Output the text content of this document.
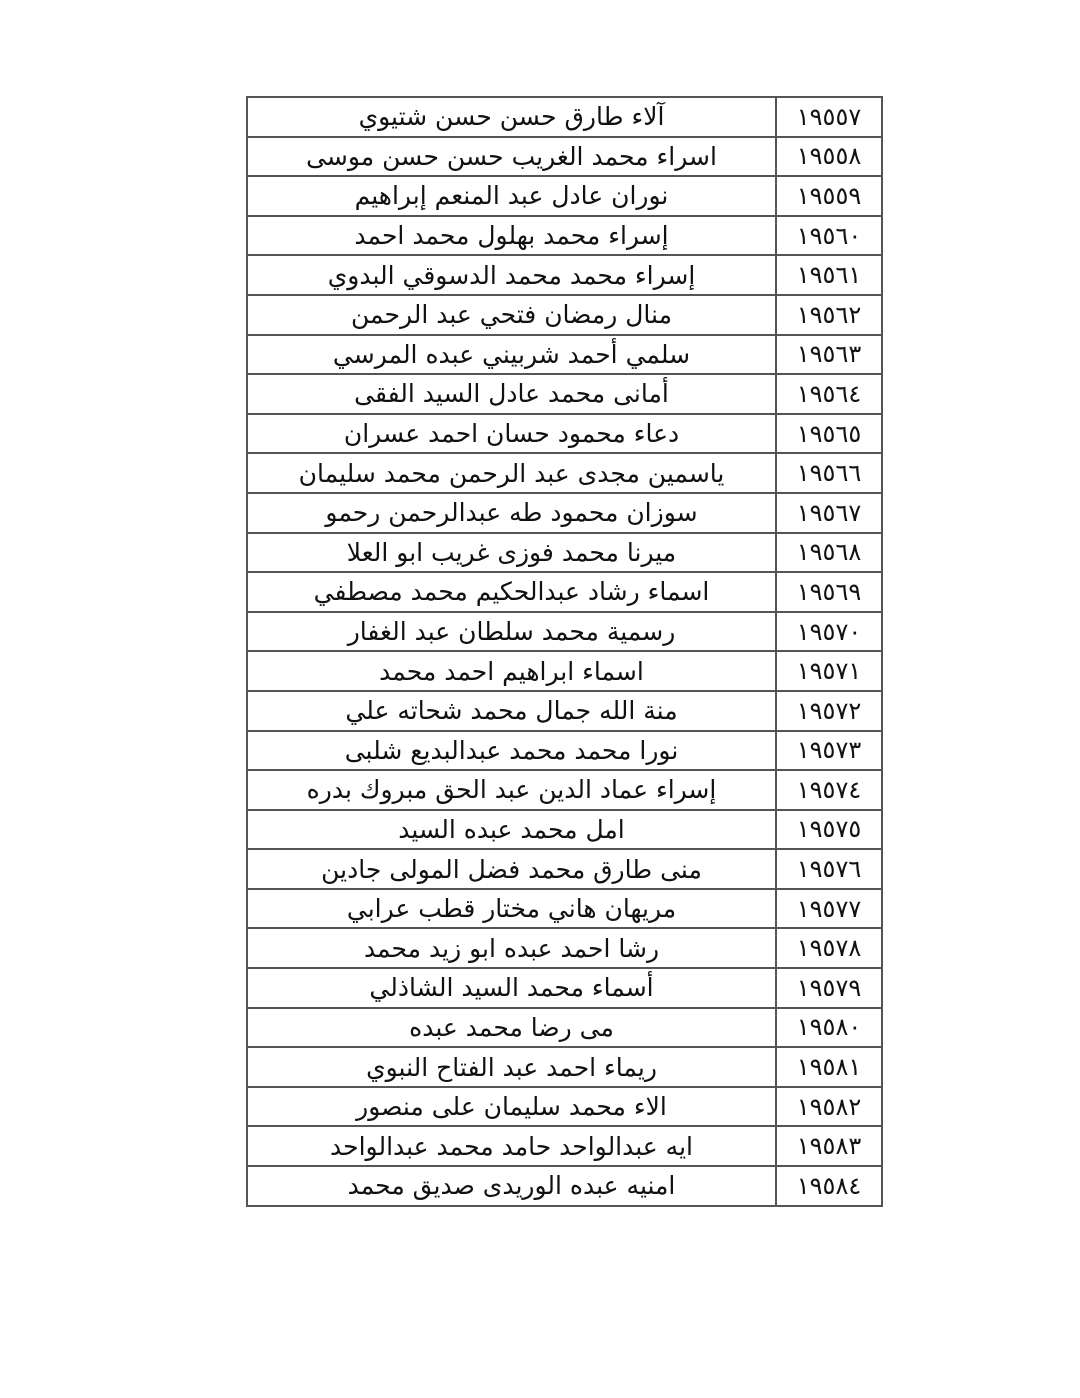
١٩٥٥٧	آلاء طارق حسن حسن شتيوي
١٩٥٥٨	اسراء محمد الغريب حسن حسن موسى
١٩٥٥٩	نوران عادل عبد المنعم إبراهيم
١٩٥٦٠	إسراء محمد بهلول محمد احمد
١٩٥٦١	إسراء محمد محمد الدسوقي البدوي
١٩٥٦٢	منال رمضان فتحي عبد الرحمن
١٩٥٦٣	سلمي أحمد شربيني عبده المرسي
١٩٥٦٤	أمانى محمد عادل السيد الفقى
١٩٥٦٥	دعاء محمود حسان احمد عسران
١٩٥٦٦	ياسمين مجدى عبد الرحمن محمد سليمان
١٩٥٦٧	سوزان محمود طه عبدالرحمن رحمو
١٩٥٦٨	ميرنا محمد فوزى غريب ابو العلا
١٩٥٦٩	اسماء رشاد عبدالحكيم محمد مصطفي
١٩٥٧٠	رسمية محمد سلطان عبد الغفار
١٩٥٧١	اسماء ابراهيم احمد محمد
١٩٥٧٢	منة الله جمال محمد شحاته علي
١٩٥٧٣	نورا محمد محمد عبدالبديع شلبى
١٩٥٧٤	إسراء عماد الدين عبد الحق مبروك بدره
١٩٥٧٥	امل محمد عبده السيد
١٩٥٧٦	منى طارق محمد فضل المولى جادين
١٩٥٧٧	مريهان هاني مختار قطب عرابي
١٩٥٧٨	رشا احمد عبده ابو زيد محمد
١٩٥٧٩	أسماء محمد السيد الشاذلي
١٩٥٨٠	مى رضا محمد عبده
١٩٥٨١	ريماء احمد عبد الفتاح النبوي
١٩٥٨٢	الاء محمد سليمان على منصور
١٩٥٨٣	ايه عبدالواحد حامد محمد عبدالواحد
١٩٥٨٤	امنيه عبده الوريدى صديق محمد
